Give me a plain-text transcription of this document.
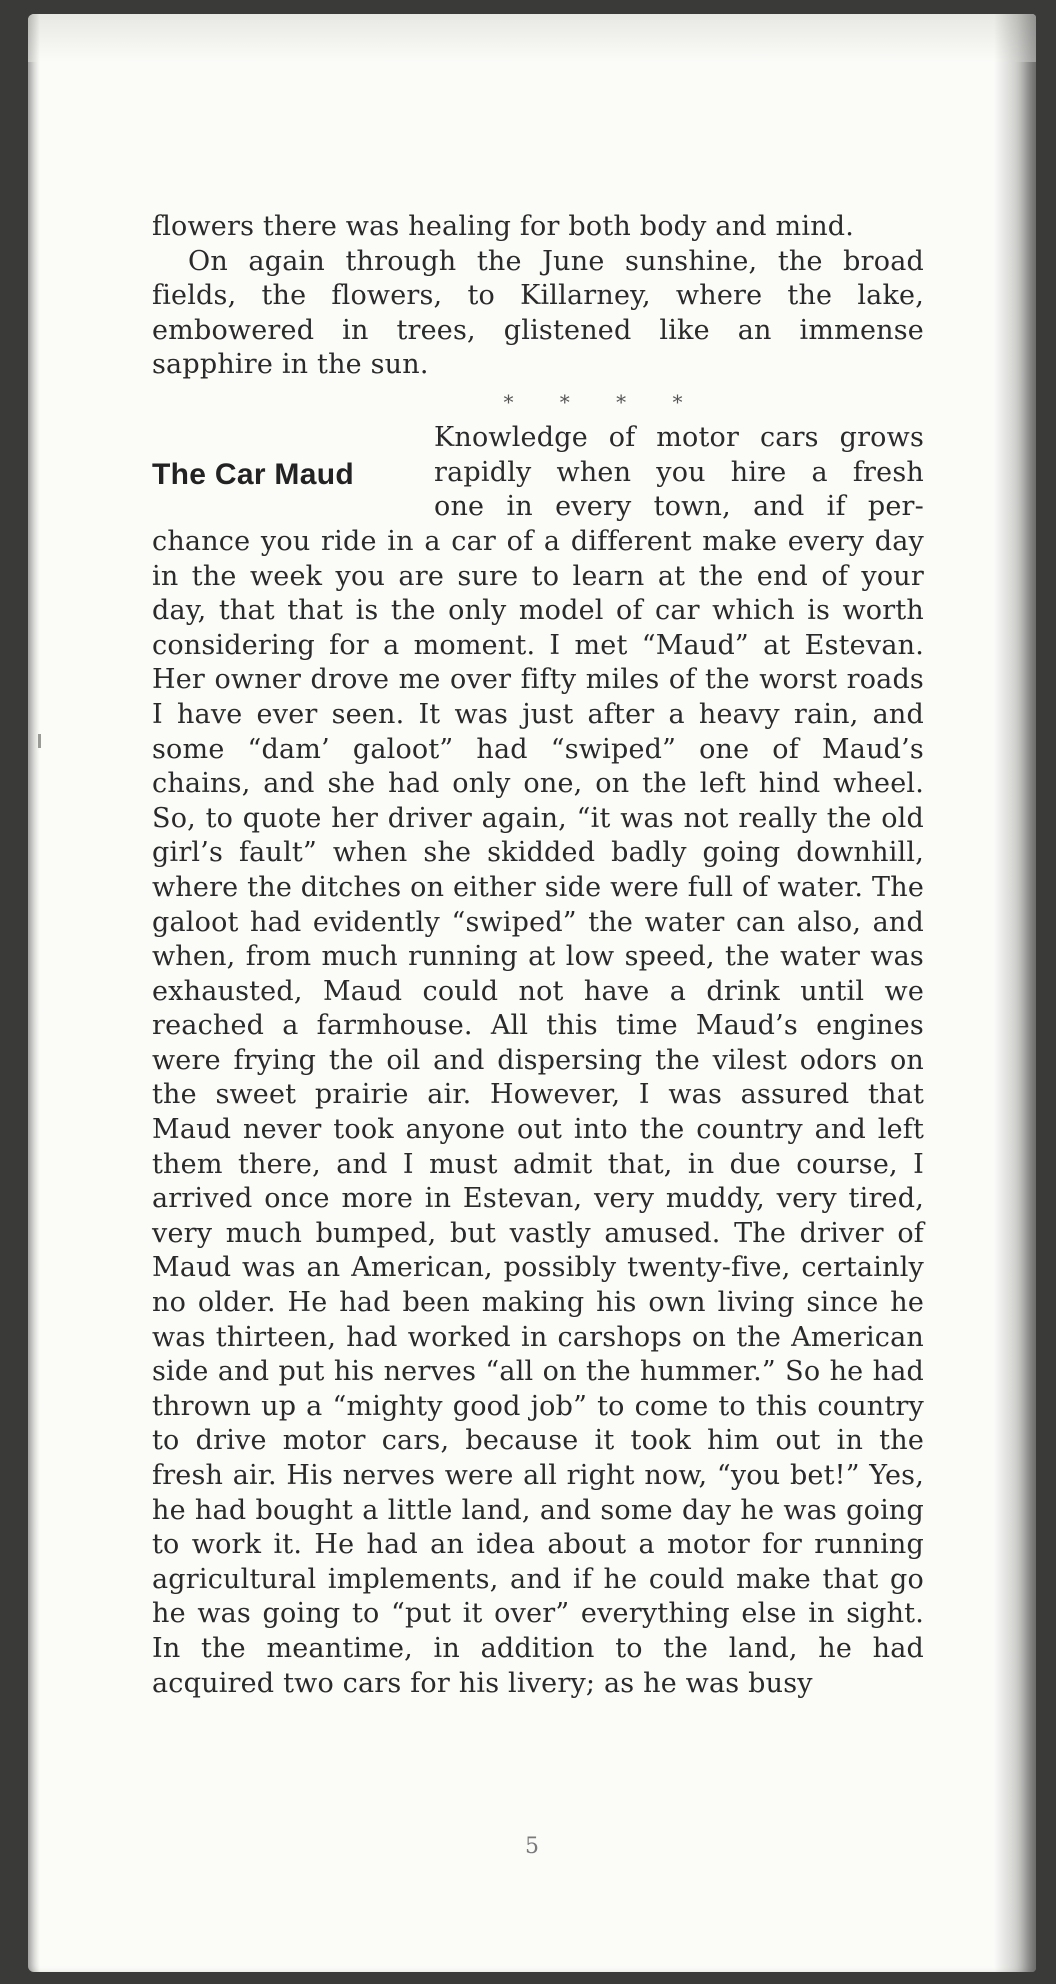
flowers there was healing for both body and mind.

On again through the June sunshine, the broad fields, the flowers, to Killarney, where the lake, embowered in trees, glistened like an immense sapphire in the sun.

* * * *

The Car Maud
Knowledge of motor cars grows
rapidly when you hire a fresh
one in every town, and if per-

chance you ride in a car of a different make every day in the week you are sure to learn at the end of your day, that that is the only model of car which is worth considering for a moment. I met “Maud” at Estevan. Her owner drove me over fifty miles of the worst roads I have ever seen. It was just after a heavy rain, and some “dam’ galoot” had “swiped” one of Maud’s chains, and she had only one, on the left hind wheel. So, to quote her driver again, “it was not really the old girl’s fault” when she skidded badly going downhill, where the ditches on either side were full of water. The galoot had evidently “swiped” the water can also, and when, from much running at low speed, the water was exhausted, Maud could not have a drink until we reached a farmhouse. All this time Maud’s engines were frying the oil and dispersing the vilest odors on the sweet prairie air. However, I was assured that Maud never took anyone out into the country and left them there, and I must admit that, in due course, I arrived once more in Estevan, very muddy, very tired, very much bumped, but vastly amused. The driver of Maud was an American, possibly twenty-five, certainly no older. He had been making his own living since he was thirteen, had worked in carshops on the American side and put his nerves “all on the hummer.” So he had thrown up a “mighty good job” to come to this country to drive motor cars, because it took him out in the fresh air. His nerves were all right now, “you bet!” Yes, he had bought a little land, and some day he was going to work it. He had an idea about a motor for running agricultural implements, and if he could make that go he was going to “put it over” everything else in sight. In the meantime, in addition to the land, he had acquired two cars for his livery; as he was busy

5
